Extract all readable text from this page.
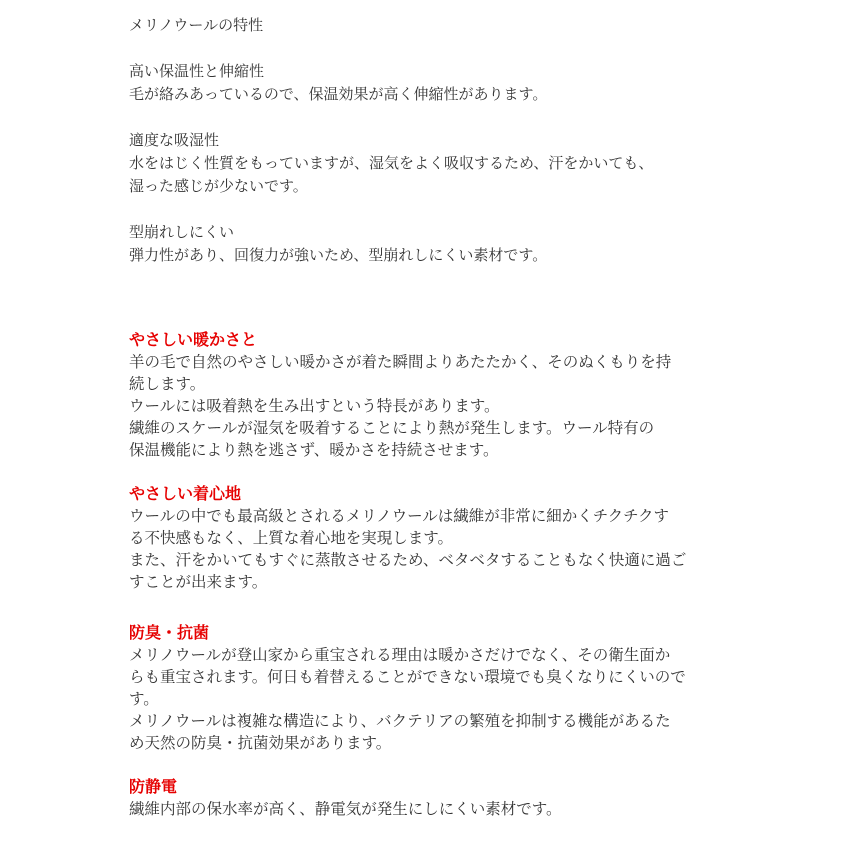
メリノウールの特性
高い保温性と伸縮性
毛が絡みあっているので、保温効果が高く伸縮性があります。
適度な吸湿性
水をはじく性質をもっていますが、湿気をよく吸収するため、汗をかいても、
湿った感じが少ないです。
型崩れしにくい
弾力性があり、回復力が強いため、型崩れしにくい素材です。
やさしい暖かさと
羊の毛で自然のやさしい暖かさが着た瞬間よりあたたかく、そのぬくもりを持
続します。
ウールには吸着熱を生み出すという特長があります。
繊維のスケールが湿気を吸着することにより熱が発生します。ウール特有の
保温機能により熱を逃さず、暖かさを持続させます。
やさしい着心地
ウールの中でも最高級とされるメリノウールは繊維が非常に細かくチクチクす
る不快感もなく、上質な着心地を実現します。
また、汗をかいてもすぐに蒸散させるため、ベタベタすることもなく快適に過ご
すことが出来ます。
防臭・抗菌
メリノウールが登山家から重宝される理由は暖かさだけでなく、その衛生面か
らも重宝されます。何日も着替えることができない環境でも臭くなりにくいので
す。
メリノウールは複雑な構造により、バクテリアの繁殖を抑制する機能があるた
め天然の防臭・抗菌効果があります。
防静電
繊維内部の保水率が高く、静電気が発生にしにくい素材です。
